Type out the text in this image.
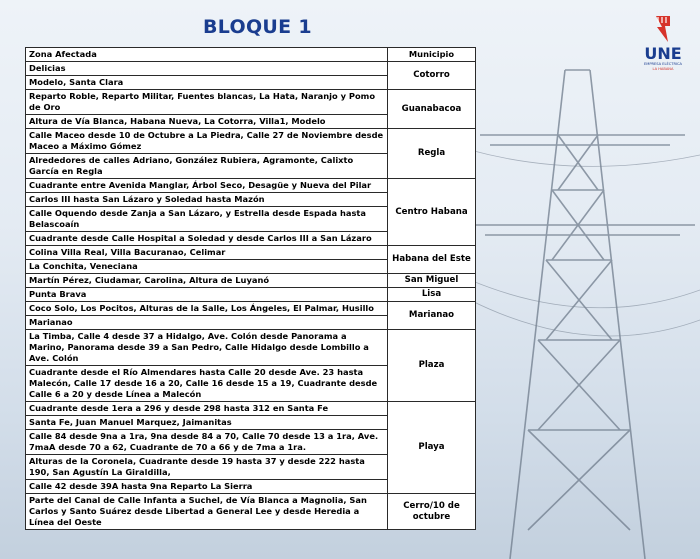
BLOQUE 1
UNE
EMPRESA ELÉCTRICA
LA HABANA
Zona Afectada	Municipio
Delicias	Cotorro
Modelo, Santa Clara	
Reparto Roble, Reparto Militar, Fuentes blancas, La Hata, Naranjo y Pomo de Oro	Guanabacoa
Altura de Vía Blanca, Habana Nueva, La Cotorra, Villa1, Modelo	
Calle Maceo desde 10 de Octubre a La Piedra, Calle 27 de Noviembre desde Maceo a Máximo Gómez	Regla
Alrededores de calles Adriano, González Rubiera, Agramonte, Calixto García en Regla	
Cuadrante entre Avenida Manglar, Árbol Seco, Desagüe y Nueva del Pilar	Centro Habana
Carlos III hasta San Lázaro y Soledad hasta Mazón	
Calle Oquendo desde Zanja a San Lázaro, y Estrella desde Espada hasta Belascoaín	
Cuadrante desde Calle Hospital a Soledad y desde Carlos III a San Lázaro	
Colina Villa Real, Villa Bacuranao, Celimar	Habana del Este
La Conchita, Veneciana	
Martín Pérez, Ciudamar, Carolina, Altura de Luyanó	San Miguel
Punta Brava	Lisa
Coco Solo, Los Pocitos, Alturas de la Salle, Los Ángeles, El Palmar, Husillo	Marianao
Marianao	
La Timba, Calle 4 desde 37 a Hidalgo, Ave. Colón desde Panorama a Marino, Panorama desde 39 a San Pedro, Calle Hidalgo desde Lombillo a Ave. Colón	Plaza
Cuadrante desde el Río Almendares hasta Calle 20 desde Ave. 23 hasta Malecón, Calle 17 desde 16 a 20, Calle 16 desde 15 a 19, Cuadrante desde Calle 6 a 20 y desde Línea a Malecón	
Cuadrante desde 1era a 296 y desde 298 hasta 312 en Santa Fe	Playa
Santa Fe, Juan Manuel Marquez, Jaimanitas	
Calle 84 desde 9na a 1ra, 9na desde 84 a 70, Calle 70 desde 13 a 1ra, Ave. 7maA desde 70 a 62, Cuadrante de 70 a 66 y de 7ma a 1ra.	
Alturas de la Coronela, Cuadrante desde 19 hasta 37 y desde 222 hasta 190, San Agustín La Giraldilla,	
Calle 42 desde 39A hasta 9na Reparto La Sierra	
Parte del Canal de Calle Infanta a Suchel, de Vía Blanca a Magnolia, San Carlos y Santo Suárez desde Libertad a General Lee y desde Heredia a Línea del Oeste	Cerro/10 de octubre
